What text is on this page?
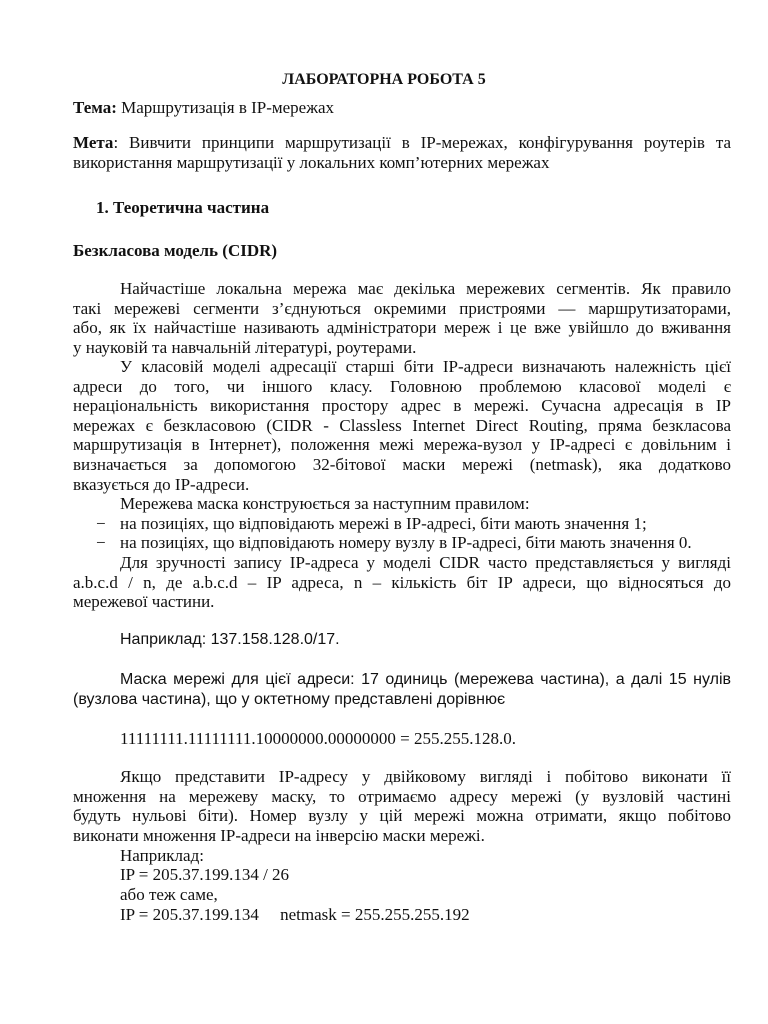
ЛАБОРАТОРНА РОБОТА 5
Тема: Маршрутизація в IP-мережах
Мета: Вивчити принципи маршрутизації в IP-мережах, конфігурування роутерів та
використання маршрутизації у локальних комп’ютерних мережах
1. Теоретична частина
Безкласова модель (CIDR)
Найчастіше локальна мережа має декілька мережевих сегментів. Як правило
такі мережеві сегменти з’єднуються окремими пристроями — маршрутизаторами,
або, як їх найчастіше називають адміністратори мереж і це вже увійшло до вживання
у науковій та навчальній літературі, роутерами.
У класовій моделі адресації старші біти IP-адреси визначають належність цієї
адреси до того, чи іншого класу. Головною проблемою класової моделі є
нераціональність використання простору адрес в мережі. Сучасна адресація в IP
мережах є безкласовою (CIDR - Classless Internet Direct Routing, пряма безкласова
маршрутизація в Інтернет), положення межі мережа-вузол у IP-адресі є довільним і
визначається за допомогою 32-бітової маски мережі (netmask), яка додатково
вказується до IP-адреси.
Мережева маска конструюється за наступним правилом:
− на позиціях, що відповідають мережі в IP-адресі, біти мають значення 1;
− на позиціях, що відповідають номеру вузлу в IP-адресі, біти мають значення 0.
Для зручності запису IP-адреса у моделі CIDR часто представляється у вигляді
a.b.c.d / n, де a.b.c.d – IP адреса, n – кількість біт IP адреси, що відносяться до
мережевої частини.
Наприклад: 137.158.128.0/17.
Маска мережі для цієї адреси: 17 одиниць (мережева частина), а далі 15 нулів
(вузлова частина), що у октетному представлені дорівнює
11111111.11111111.10000000.00000000 = 255.255.128.0.
Якщо представити IP-адресу у двійковому вигляді і побітово виконати її
множення на мережеву маску, то отримаємо адресу мережі (у вузловій частині
будуть нульові біти). Номер вузлу у цій мережі можна отримати, якщо побітово
виконати множення IP-адреси на інверсію маски мережі.
Наприклад:
IP = 205.37.199.134 / 26
або теж саме,
IP = 205.37.199.134     netmask = 255.255.255.192
